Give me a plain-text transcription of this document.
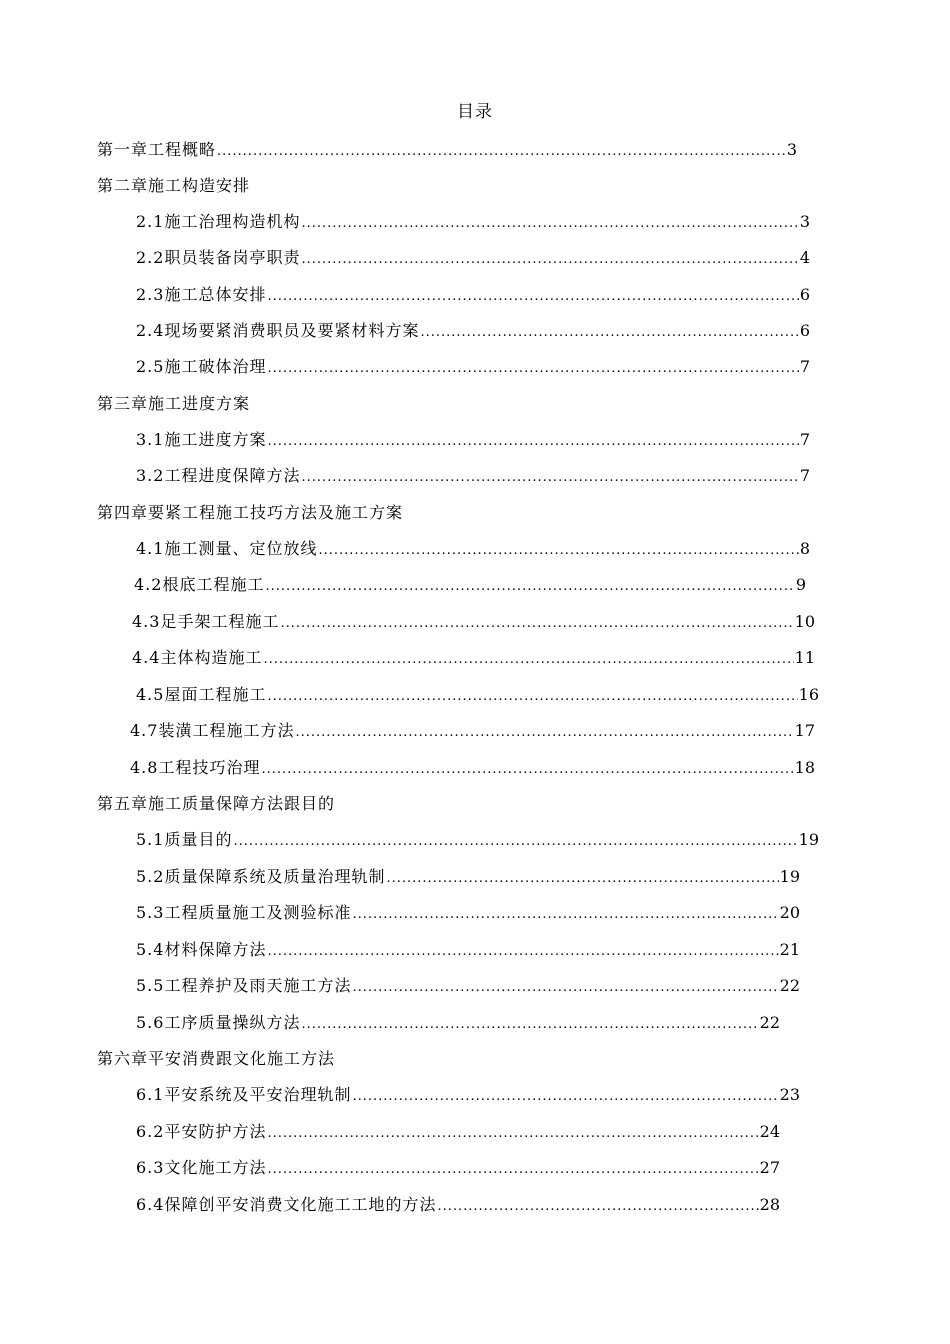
目录
第一章工程概略 .....	3
第二章施工构造安排
2.1施工治理构造机构 .....	3
2.2职员装备岗亭职责 .....	4
2.3施工总体安排 .....	6
2.4现场要紧消费职员及要紧材料方案 .....	6
2.5施工破体治理 .....	7
第三章施工进度方案
3.1施工进度方案 .....	7
3.2工程进度保障方法 .....	7
第四章要紧工程施工技巧方法及施工方案
4.1施工测量、定位放线 .....	8
4.2根底工程施工 .....	9
4.3足手架工程施工 .....	10
4.4主体构造施工 .....	11
4.5屋面工程施工 .....	16
4.7装潢工程施工方法 .....	17
4.8工程技巧治理 .....	18
第五章施工质量保障方法跟目的
5.1质量目的 .....	19
5.2质量保障系统及质量治理轨制 .....	19
5.3工程质量施工及测验标准 .....	20
5.4材料保障方法 .....	21
5.5工程养护及雨天施工方法 .....	22
5.6工序质量操纵方法 .....	22
第六章平安消费跟文化施工方法
6.1平安系统及平安治理轨制 .....	23
6.2平安防护方法 .....	24
6.3文化施工方法 .....	27
6.4保障创平安消费文化施工工地的方法 .....	28
